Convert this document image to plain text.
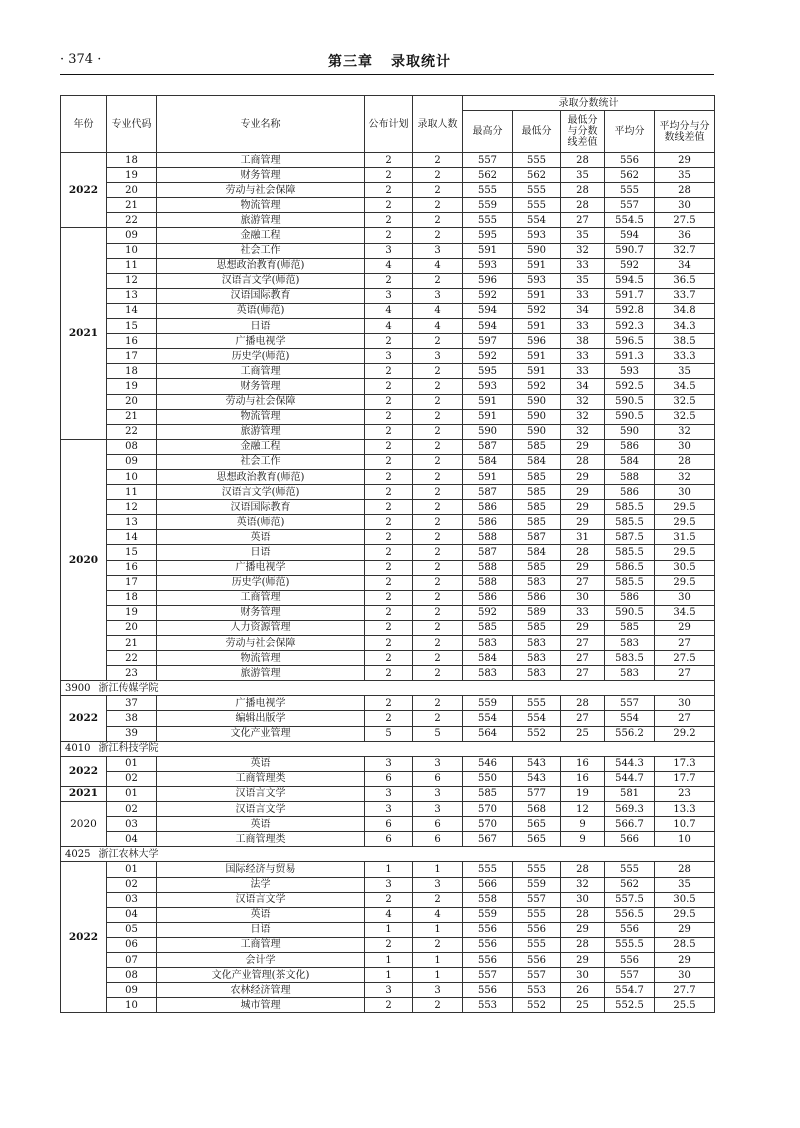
· 374 ·	第三章 录取统计
年份	专业代码	专业名称	公布计划	录取人数	录取分数统计				
					最高分	最低分	最低分与分数线差值	平均分	平均分与分数线差值
2022	18	工商管理	2	2	557	555	28	556	29
	19	财务管理	2	2	562	562	35	562	35
	20	劳动与社会保障	2	2	555	555	28	555	28
	21	物流管理	2	2	559	555	28	557	30
	22	旅游管理	2	2	555	554	27	554.5	27.5
2021	09	金融工程	2	2	595	593	35	594	36
	10	社会工作	3	3	591	590	32	590.7	32.7
	11	思想政治教育(师范)	4	4	593	591	33	592	34
	12	汉语言文学(师范)	2	2	596	593	35	594.5	36.5
	13	汉语国际教育	3	3	592	591	33	591.7	33.7
	14	英语(师范)	4	4	594	592	34	592.8	34.8
	15	日语	4	4	594	591	33	592.3	34.3
	16	广播电视学	2	2	597	596	38	596.5	38.5
	17	历史学(师范)	3	3	592	591	33	591.3	33.3
	18	工商管理	2	2	595	591	33	593	35
	19	财务管理	2	2	593	592	34	592.5	34.5
	20	劳动与社会保障	2	2	591	590	32	590.5	32.5
	21	物流管理	2	2	591	590	32	590.5	32.5
	22	旅游管理	2	2	590	590	32	590	32
2020	08	金融工程	2	2	587	585	29	586	30
	09	社会工作	2	2	584	584	28	584	28
	10	思想政治教育(师范)	2	2	591	585	29	588	32
	11	汉语言文学(师范)	2	2	587	585	29	586	30
	12	汉语国际教育	2	2	586	585	29	585.5	29.5
	13	英语(师范)	2	2	586	585	29	585.5	29.5
	14	英语	2	2	588	587	31	587.5	31.5
	15	日语	2	2	587	584	28	585.5	29.5
	16	广播电视学	2	2	588	585	29	586.5	30.5
	17	历史学(师范)	2	2	588	583	27	585.5	29.5
	18	工商管理	2	2	586	586	30	586	30
	19	财务管理	2	2	592	589	33	590.5	34.5
	20	人力资源管理	2	2	585	585	29	585	29
	21	劳动与社会保障	2	2	583	583	27	583	27
	22	物流管理	2	2	584	583	27	583.5	27.5
	23	旅游管理	2	2	583	583	27	583	27
3900 浙江传媒学院									
2022	37	广播电视学	2	2	559	555	28	557	30
	38	编辑出版学	2	2	554	554	27	554	27
	39	文化产业管理	5	5	564	552	25	556.2	29.2
4010 浙江科技学院									
2022	01	英语	3	3	546	543	16	544.3	17.3
	02	工商管理类	6	6	550	543	16	544.7	17.7
2021	01	汉语言文学	3	3	585	577	19	581	23
2020	02	汉语言文学	3	3	570	568	12	569.3	13.3
	03	英语	6	6	570	565	9	566.7	10.7
	04	工商管理类	6	6	567	565	9	566	10
4025 浙江农林大学									
2022	01	国际经济与贸易	1	1	555	555	28	555	28
	02	法学	3	3	566	559	32	562	35
	03	汉语言文学	2	2	558	557	30	557.5	30.5
	04	英语	4	4	559	555	28	556.5	29.5
	05	日语	1	1	556	556	29	556	29
	06	工商管理	2	2	556	555	28	555.5	28.5
	07	会计学	1	1	556	556	29	556	29
	08	文化产业管理(茶文化)	1	1	557	557	30	557	30
	09	农林经济管理	3	3	556	553	26	554.7	27.7
	10	城市管理	2	2	553	552	25	552.5	25.5
